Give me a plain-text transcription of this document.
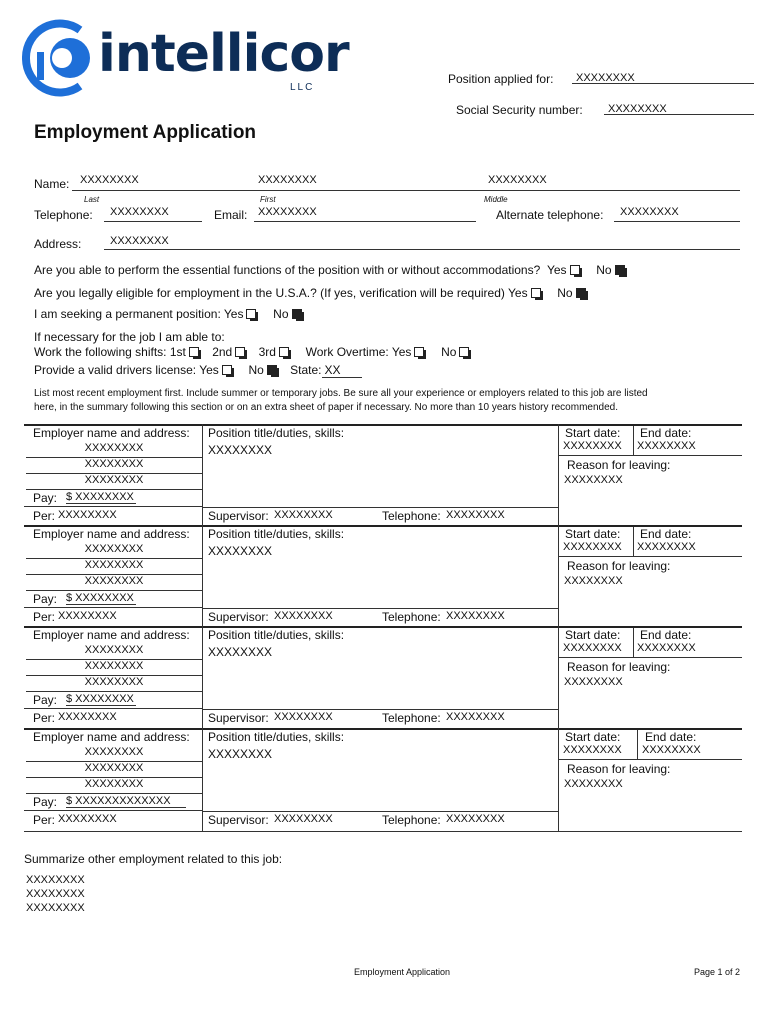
intellicor
LLC
Position applied for:	XXXXXXXX
Social Security number:	XXXXXXXX
Employment Application
Name: XXXXXXXX	XXXXXXXX	XXXXXXXX
Last	First	Middle
Telephone: XXXXXXXX	Email: XXXXXXXX	Alternate telephone: XXXXXXXX
Address:	XXXXXXXX
Are you able to perform the essential functions of the position with or without accommodations? Yes No
Are you legally eligible for employment in the U.S.A.? (If yes, verification will be required) Yes No
I am seeking a permanent position: Yes No
If necessary for the job I am able to:
Work the following shifts: 1st 2nd 3rd Work Overtime: Yes No
Provide a valid drivers license: Yes No State: XX
List most recent employment first. Include summer or temporary jobs. Be sure all your experience or employers related to this job are listed
here, in the summary following this section or on an extra sheet of paper if necessary. No more than 10 years history recommended.
Employer name and address:
XXXXXXXX
XXXXXXXX
XXXXXXXX
Pay: $ XXXXXXXX
Per: XXXXXXXX
Position title/duties, skills:
XXXXXXXX
Supervisor: XXXXXXXX	Telephone: XXXXXXXX
Start date: End date:
XXXXXXXX XXXXXXXX
Reason for leaving:
XXXXXXXX
Employer name and address:
XXXXXXXX
XXXXXXXX
XXXXXXXX
Pay: $ XXXXXXXX
Per: XXXXXXXX
Position title/duties, skills:
XXXXXXXX
Supervisor: XXXXXXXX	Telephone: XXXXXXXX
Start date: End date:
XXXXXXXX XXXXXXXX
Reason for leaving:
XXXXXXXX
Employer name and address:
XXXXXXXX
XXXXXXXX
XXXXXXXX
Pay: $ XXXXXXXX
Per: XXXXXXXX
Position title/duties, skills:
XXXXXXXX
Supervisor: XXXXXXXX	Telephone: XXXXXXXX
Start date: End date:
XXXXXXXX XXXXXXXX
Reason for leaving:
XXXXXXXX
Employer name and address:
XXXXXXXX
XXXXXXXX
XXXXXXXX
Pay: $ XXXXXXXXXXXXX
Per: XXXXXXXX
Position title/duties, skills:
XXXXXXXX
Supervisor: XXXXXXXX	Telephone: XXXXXXXX
Start date: End date:
XXXXXXXX XXXXXXXX
Reason for leaving:
XXXXXXXX
Summarize other employment related to this job:
XXXXXXXX
XXXXXXXX
XXXXXXXX
Employment Application	Page 1 of 2
